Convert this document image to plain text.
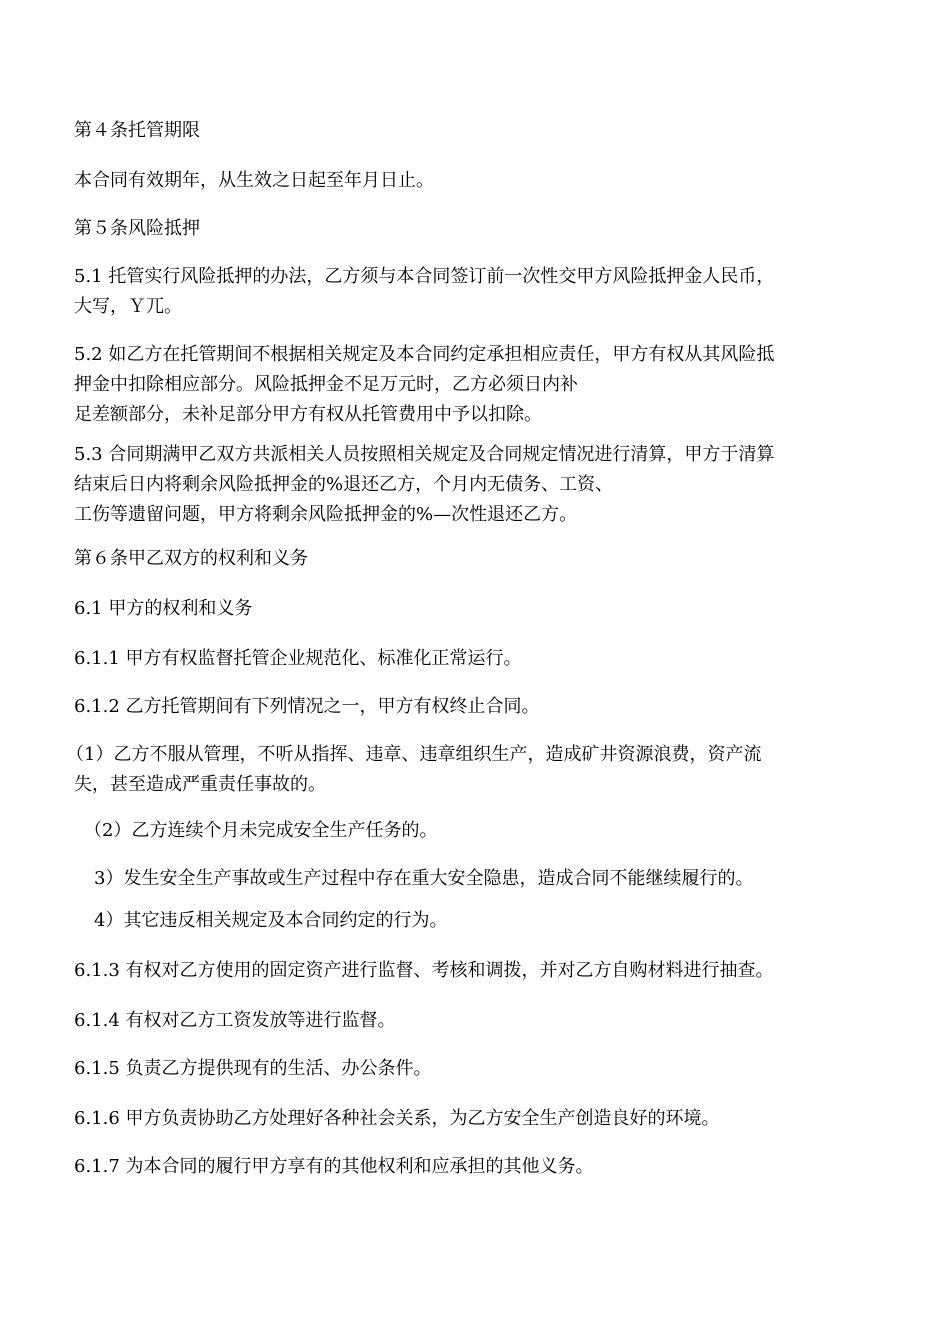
第４条托管期限

本合同有效期年，从生效之日起至年月日止。

第５条风险抵押

5.1 托管实行风险抵押的办法，乙方须与本合同签订前一次性交甲方风险抵押金人民币，
大写，Ｙ兀。

5.2 如乙方在托管期间不根据相关规定及本合同约定承担相应责任，甲方有权从其风险抵
押金中扣除相应部分。风险抵押金不足万元时，乙方必须日内补
足差额部分，未补足部分甲方有权从托管费用中予以扣除。

5.3 合同期满甲乙双方共派相关人员按照相关规定及合同规定情况进行清算，甲方于清算
结束后日内将剩余风险抵押金的%退还乙方，个月内无债务、工资、
工伤等遗留问题，甲方将剩余风险抵押金的%—次性退还乙方。

第６条甲乙双方的权利和义务

6.1 甲方的权利和义务

6.1.1 甲方有权监督托管企业规范化、标准化正常运行。

6.1.2 乙方托管期间有下列情况之一，甲方有权终止合同。

（1）乙方不服从管理，不听从指挥、违章、违章组织生产，造成矿井资源浪费，资产流
失，甚至造成严重责任事故的。

（2）乙方连续个月未完成安全生产任务的。

3）发生安全生产事故或生产过程中存在重大安全隐患，造成合同不能继续履行的。

4）其它违反相关规定及本合同约定的行为。

6.1.3 有权对乙方使用的固定资产进行监督、考核和调拨，并对乙方自购材料进行抽查。

6.1.4 有权对乙方工资发放等进行监督。

6.1.5 负责乙方提供现有的生活、办公条件。

6.1.6 甲方负责协助乙方处理好各种社会关系，为乙方安全生产创造良好的环境。

6.1.7 为本合同的履行甲方享有的其他权利和应承担的其他义务。
